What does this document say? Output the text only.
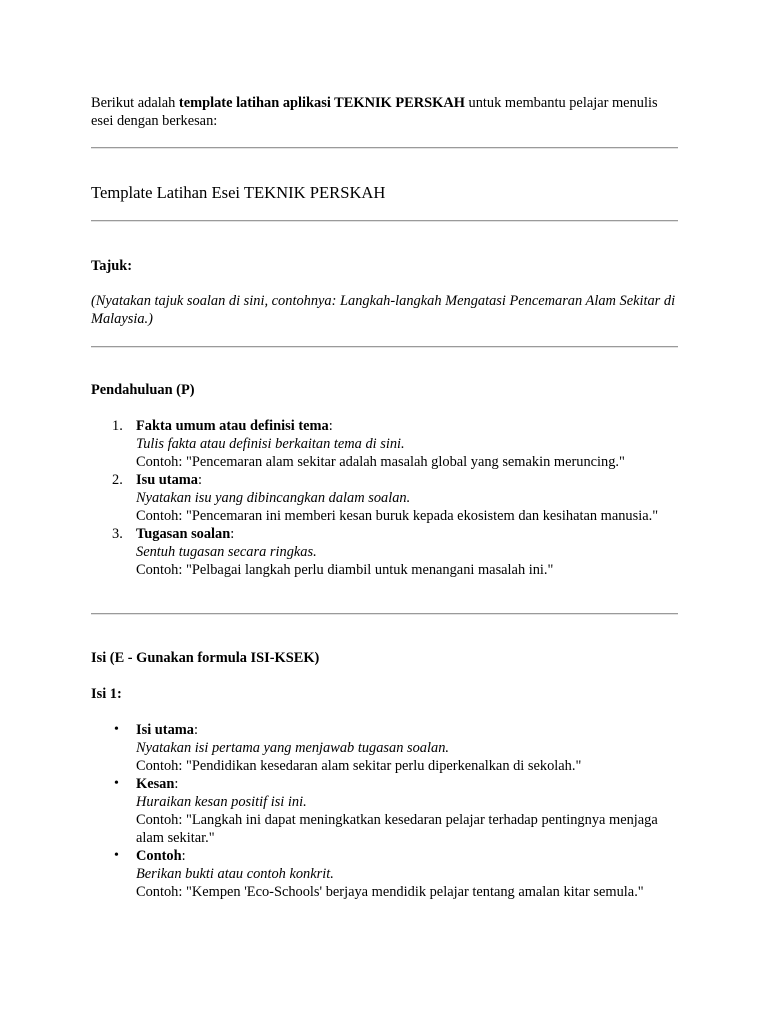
Berikut adalah template latihan aplikasi TEKNIK PERSKAH untuk membantu pelajar menulis esei dengan berkesan:

Template Latihan Esei TEKNIK PERSKAH
Tajuk:

(Nyatakan tajuk soalan di sini, contohnya: Langkah-langkah Mengatasi Pencemaran Alam Sekitar di Malaysia.)

Pendahuluan (P)
1. Fakta umum atau definisi tema:
Tulis fakta atau definisi berkaitan tema di sini.
Contoh: "Pencemaran alam sekitar adalah masalah global yang semakin meruncing."
2. Isu utama:
Nyatakan isu yang dibincangkan dalam soalan.
Contoh: "Pencemaran ini memberi kesan buruk kepada ekosistem dan kesihatan manusia."
3. Tugasan soalan:
Sentuh tugasan secara ringkas.
Contoh: "Pelbagai langkah perlu diambil untuk menangani masalah ini."
Isi (E - Gunakan formula ISI-KSEK)
Isi 1:
• Isi utama:
Nyatakan isi pertama yang menjawab tugasan soalan.
Contoh: "Pendidikan kesedaran alam sekitar perlu diperkenalkan di sekolah."
• Kesan:
Huraikan kesan positif isi ini.
Contoh: "Langkah ini dapat meningkatkan kesedaran pelajar terhadap pentingnya menjaga alam sekitar."
• Contoh:
Berikan bukti atau contoh konkrit.
Contoh: "Kempen 'Eco-Schools' berjaya mendidik pelajar tentang amalan kitar semula."
